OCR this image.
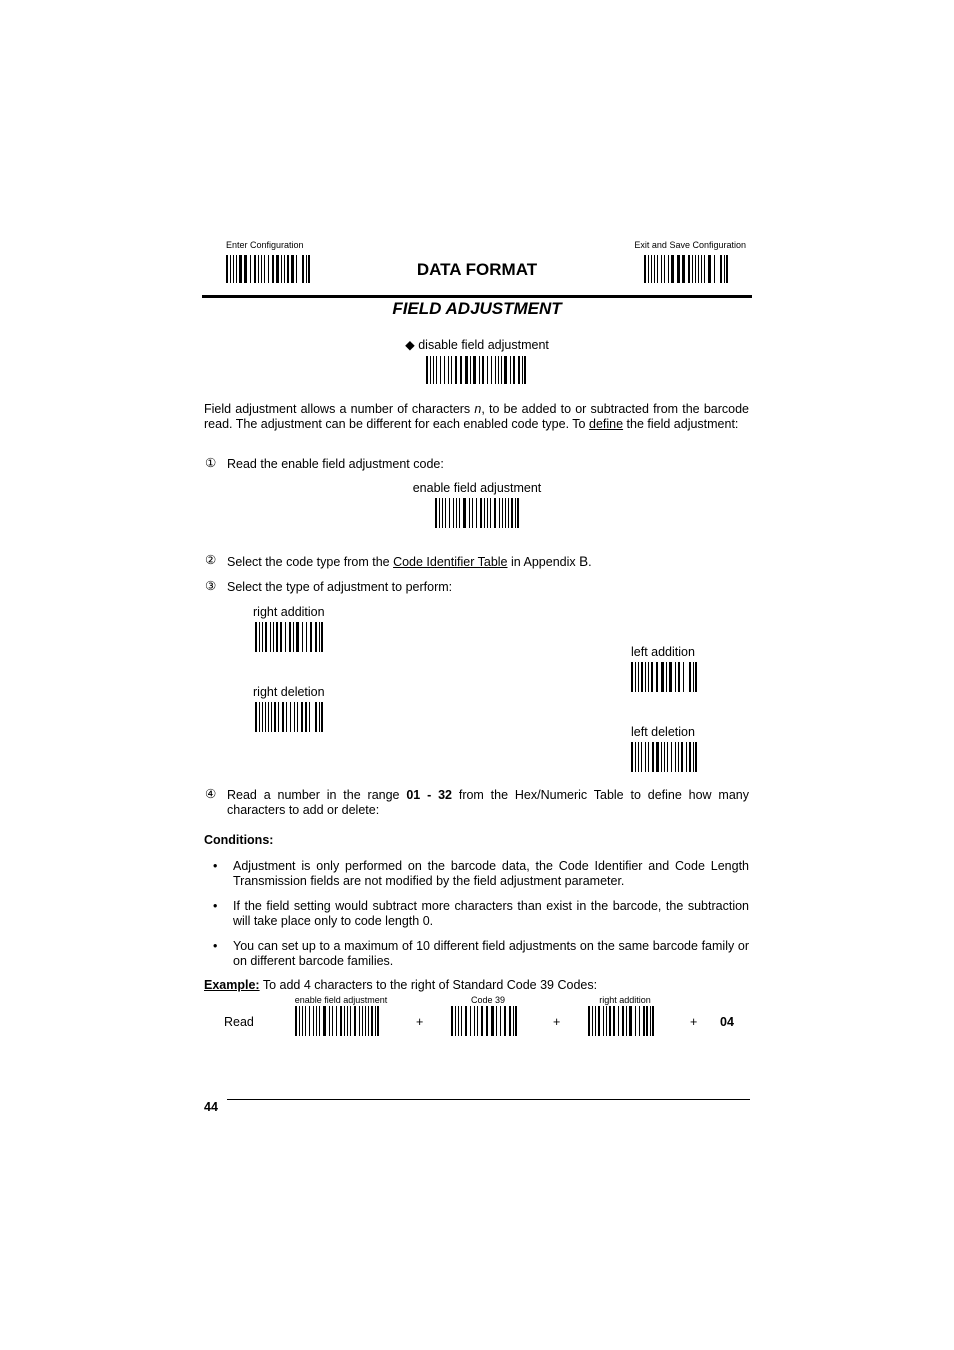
Enter Configuration
DATA FORMAT
Exit and Save Configuration
FIELD ADJUSTMENT
◆ disable field adjustment
Field adjustment allows a number of characters n, to be added to or subtracted from the barcode read. The adjustment can be different for each enabled code type. To define the field adjustment:
① Read the enable field adjustment code:
enable field adjustment
② Select the code type from the Code Identifier Table in Appendix B.
③ Select the type of adjustment to perform:
right addition
left addition
right deletion
left deletion
④ Read a number in the range 01 - 32 from the Hex/Numeric Table to define how many characters to add or delete:
Conditions:
• Adjustment is only performed on the barcode data, the Code Identifier and Code Length Transmission fields are not modified by the field adjustment parameter.
• If the field setting would subtract more characters than exist in the barcode, the subtraction will take place only to code length 0.
• You can set up to a maximum of 10 different field adjustments on the same barcode family or on different barcode families.
Example: To add 4 characters to the right of Standard Code 39 Codes:
enable field adjustment	Code 39	right addition
Read	+	+	+ 04
44
